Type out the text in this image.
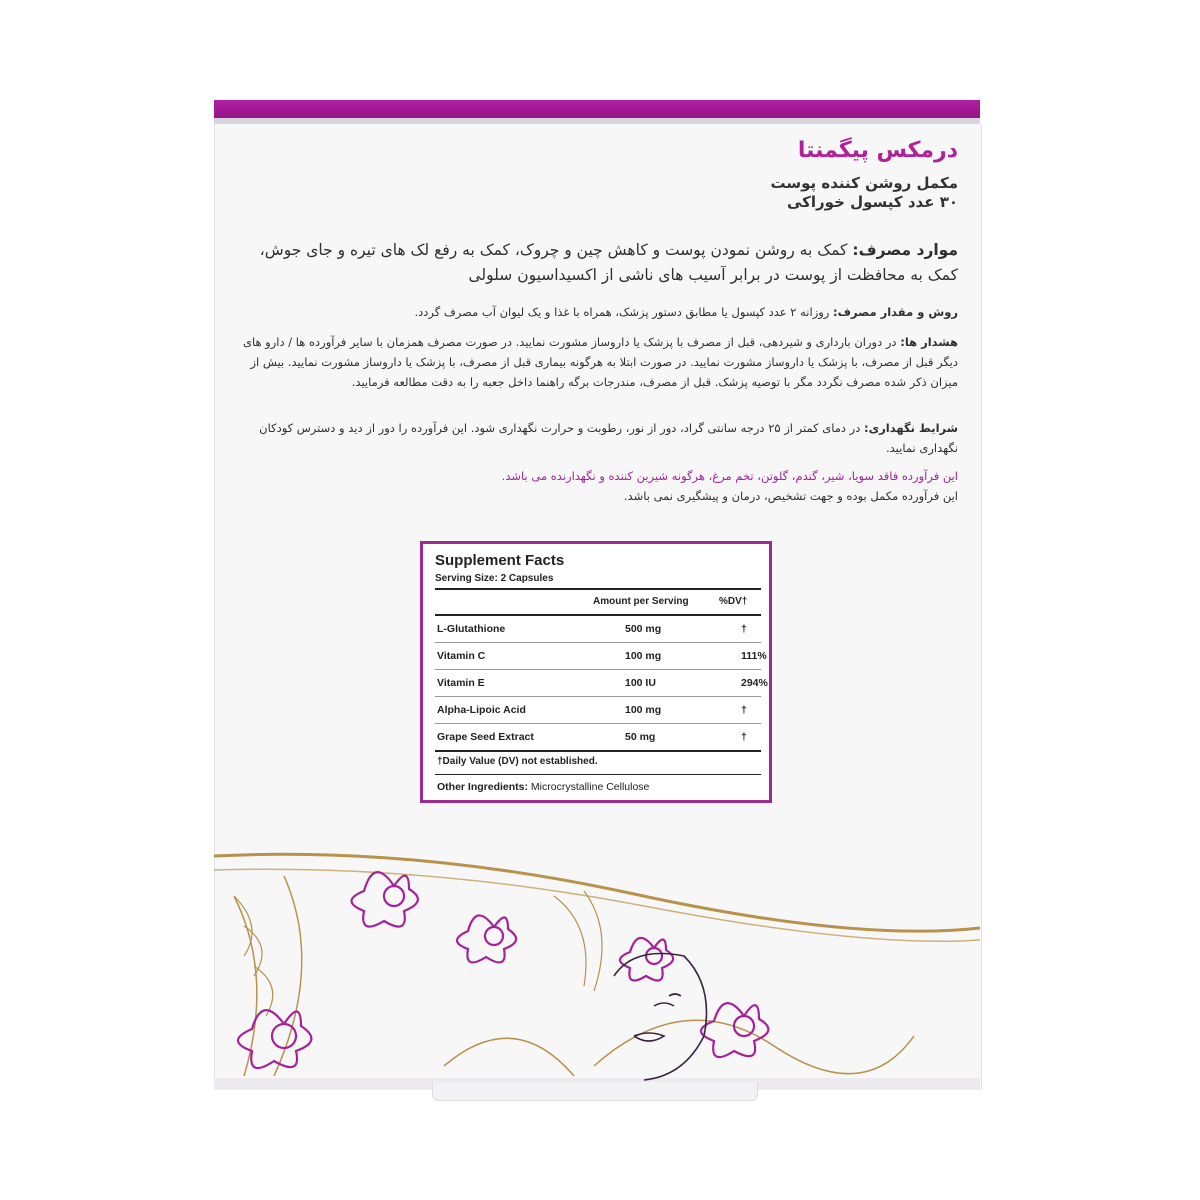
درمکس پیگمنتا
مکمل روشن کننده پوست
۳۰ عدد کپسول خوراکی
موارد مصرف: کمک به روشن نمودن پوست و کاهش چین و چروک، کمک به رفع لک های تیره و جای جوش، کمک به محافظت از پوست در برابر آسیب های ناشی از اکسیداسیون سلولی
روش و مقدار مصرف: روزانه ۲ عدد کپسول یا مطابق دستور پزشک، همراه با غذا و یک لیوان آب مصرف گردد.
هشدار ها: در دوران بارداری و شیردهی، قبل از مصرف با پزشک یا داروساز مشورت نمایید. در صورت مصرف همزمان با سایر فرآورده ها / دارو های دیگر قبل از مصرف، با پزشک یا داروساز مشورت نمایید. در صورت ابتلا به هرگونه بیماری قبل از مصرف، با پزشک یا داروساز مشورت نمایید. بیش از میزان ذکر شده مصرف نگردد مگر با توصیه پزشک. قبل از مصرف، مندرجات برگه راهنما داخل جعبه را به دقت مطالعه فرمایید.
شرایط نگهداری: در دمای کمتر از ۲۵ درجه سانتی گراد، دور از نور، رطوبت و حرارت نگهداری شود. این فرآورده را دور از دید و دسترس کودکان نگهداری نمایید.
این فرآورده فاقد سویا، شیر، گندم، گلوتن، تخم مرغ، هرگونه شیرین کننده و نگهدارنده می باشد.
این فرآورده مکمل بوده و جهت تشخیص، درمان و پیشگیری نمی باشد.
Supplement Facts
Serving Size: 2 Capsules
Amount per Serving	%DV†
L-Glutathione	500 mg	†
Vitamin C	100 mg	111%
Vitamin E	100 IU	294%
Alpha-Lipoic Acid	100 mg	†
Grape Seed Extract	50 mg	†
†Daily Value (DV) not established.
Other Ingredients: Microcrystalline Cellulose
